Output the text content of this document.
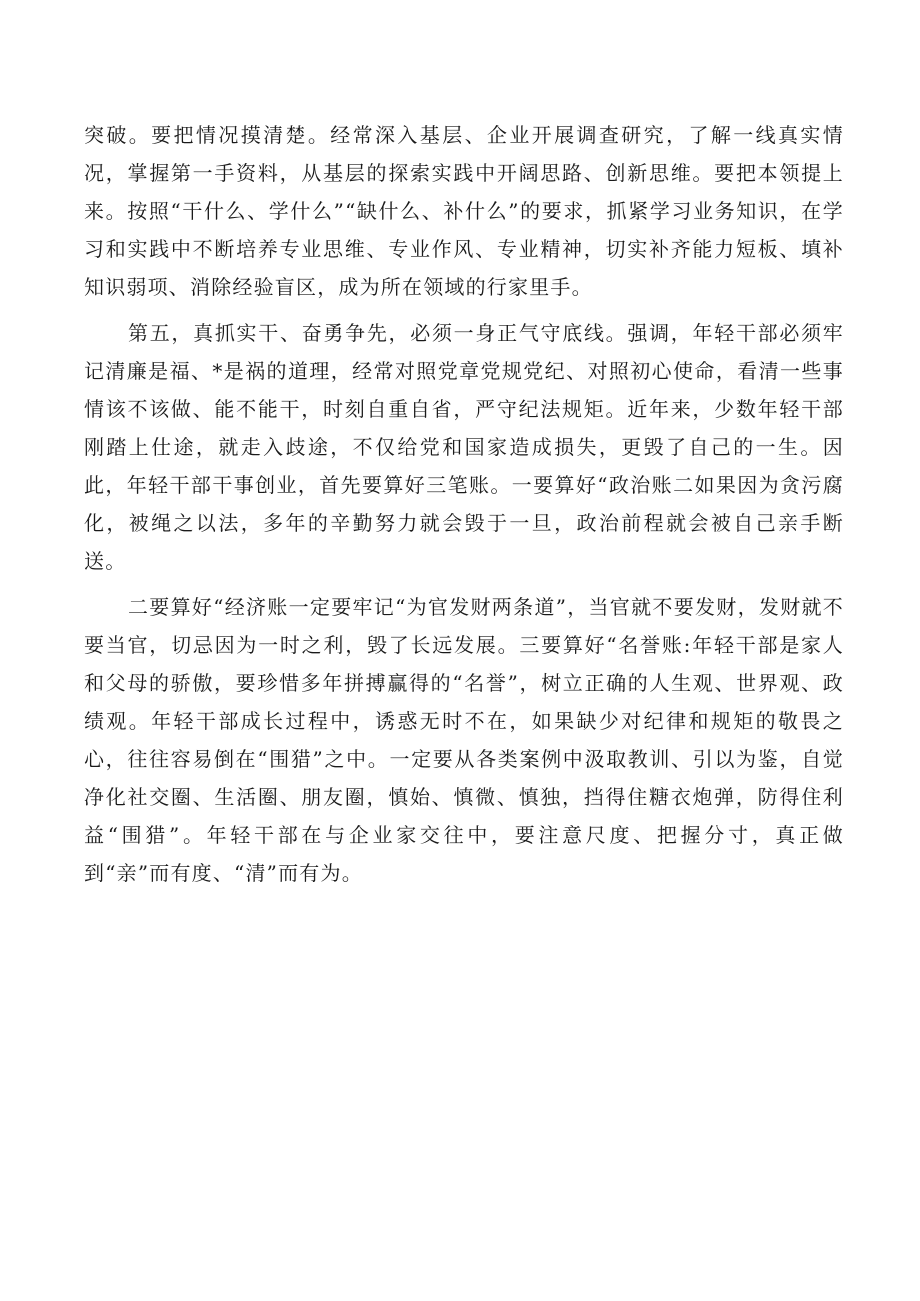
突破。要把情况摸清楚。经常深入基层、企业开展调查研究，了解一线真实情况，掌握第一手资料，从基层的探索实践中开阔思路、创新思维。要把本领提上来。按照“干什么、学什么”“缺什么、补什么”的要求，抓紧学习业务知识，在学习和实践中不断培养专业思维、专业作风、专业精神，切实补齐能力短板、填补知识弱项、消除经验盲区，成为所在领域的行家里手。

第五，真抓实干、奋勇争先，必须一身正气守底线。强调，年轻干部必须牢记清廉是福、*是祸的道理，经常对照党章党规党纪、对照初心使命，看清一些事情该不该做、能不能干，时刻自重自省，严守纪法规矩。近年来，少数年轻干部刚踏上仕途，就走入歧途，不仅给党和国家造成损失，更毁了自己的一生。因此，年轻干部干事创业，首先要算好三笔账。一要算好“政治账二如果因为贪污腐化，被绳之以法，多年的辛勤努力就会毁于一旦，政治前程就会被自己亲手断送。

二要算好“经济账一定要牢记“为官发财两条道”，当官就不要发财，发财就不要当官，切忌因为一时之利，毁了长远发展。三要算好“名誉账:年轻干部是家人和父母的骄傲，要珍惜多年拼搏赢得的“名誉”，树立正确的人生观、世界观、政绩观。年轻干部成长过程中，诱惑无时不在，如果缺少对纪律和规矩的敬畏之心，往往容易倒在“围猎”之中。一定要从各类案例中汲取教训、引以为鉴，自觉净化社交圈、生活圈、朋友圈，慎始、慎微、慎独，挡得住糖衣炮弹，防得住利益“围猎”。年轻干部在与企业家交往中，要注意尺度、把握分寸，真正做到“亲”而有度、“清”而有为。
